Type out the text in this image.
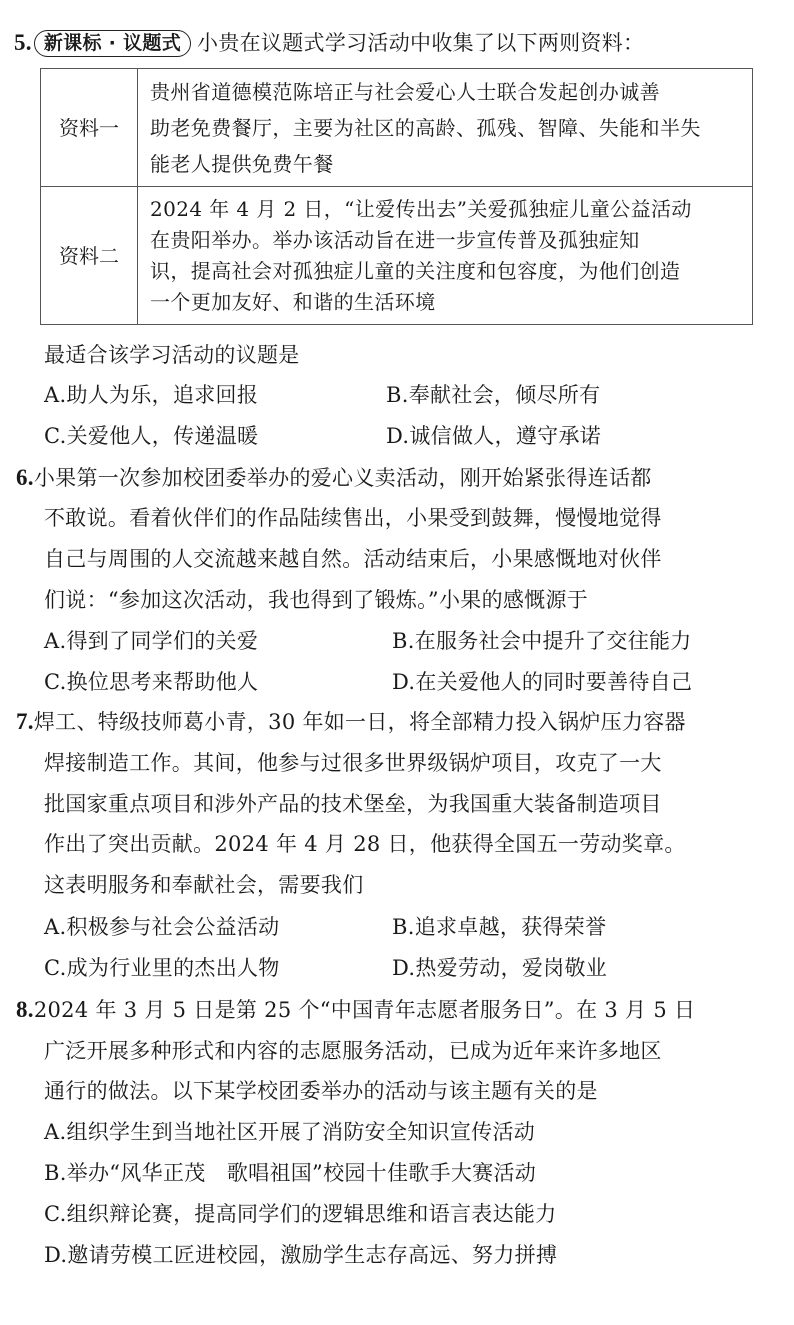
5. 新课标 · 议题式 小贵在议题式学习活动中收集了以下两则资料：
资料一	贵州省道德模范陈培正与社会爱心人士联合发起创办诚善
助老免费餐厅，主要为社区的高龄、孤残、智障、失能和半失
能老人提供免费午餐

资料二	2024 年 4 月 2 日，“让爱传出去”关爱孤独症儿童公益活动
在贵阳举办。举办该活动旨在进一步宣传普及孤独症知
识，提高社会对孤独症儿童的关注度和包容度，为他们创造
一个更加友好、和谐的生活环境
最适合该学习活动的议题是
A.助人为乐，追求回报	B.奉献社会，倾尽所有
C.关爱他人，传递温暖	D.诚信做人，遵守承诺
6.小果第一次参加校团委举办的爱心义卖活动，刚开始紧张得连话都
不敢说。看着伙伴们的作品陆续售出，小果受到鼓舞，慢慢地觉得
自己与周围的人交流越来越自然。活动结束后，小果感慨地对伙伴
们说：“参加这次活动，我也得到了锻炼。”小果的感慨源于
A.得到了同学们的关爱	B.在服务社会中提升了交往能力
C.换位思考来帮助他人	D.在关爱他人的同时要善待自己
7.焊工、特级技师葛小青，30 年如一日，将全部精力投入锅炉压力容器
焊接制造工作。其间，他参与过很多世界级锅炉项目，攻克了一大
批国家重点项目和涉外产品的技术堡垒，为我国重大装备制造项目
作出了突出贡献。2024 年 4 月 28 日，他获得全国五一劳动奖章。
这表明服务和奉献社会，需要我们
A.积极参与社会公益活动	B.追求卓越，获得荣誉
C.成为行业里的杰出人物	D.热爱劳动，爱岗敬业
8.2024 年 3 月 5 日是第 25 个“中国青年志愿者服务日”。在 3 月 5 日
广泛开展多种形式和内容的志愿服务活动，已成为近年来许多地区
通行的做法。以下某学校团委举办的活动与该主题有关的是
A.组织学生到当地社区开展了消防安全知识宣传活动
B.举办“风华正茂　歌唱祖国”校园十佳歌手大赛活动
C.组织辩论赛，提高同学们的逻辑思维和语言表达能力
D.邀请劳模工匠进校园，激励学生志存高远、努力拼搏
